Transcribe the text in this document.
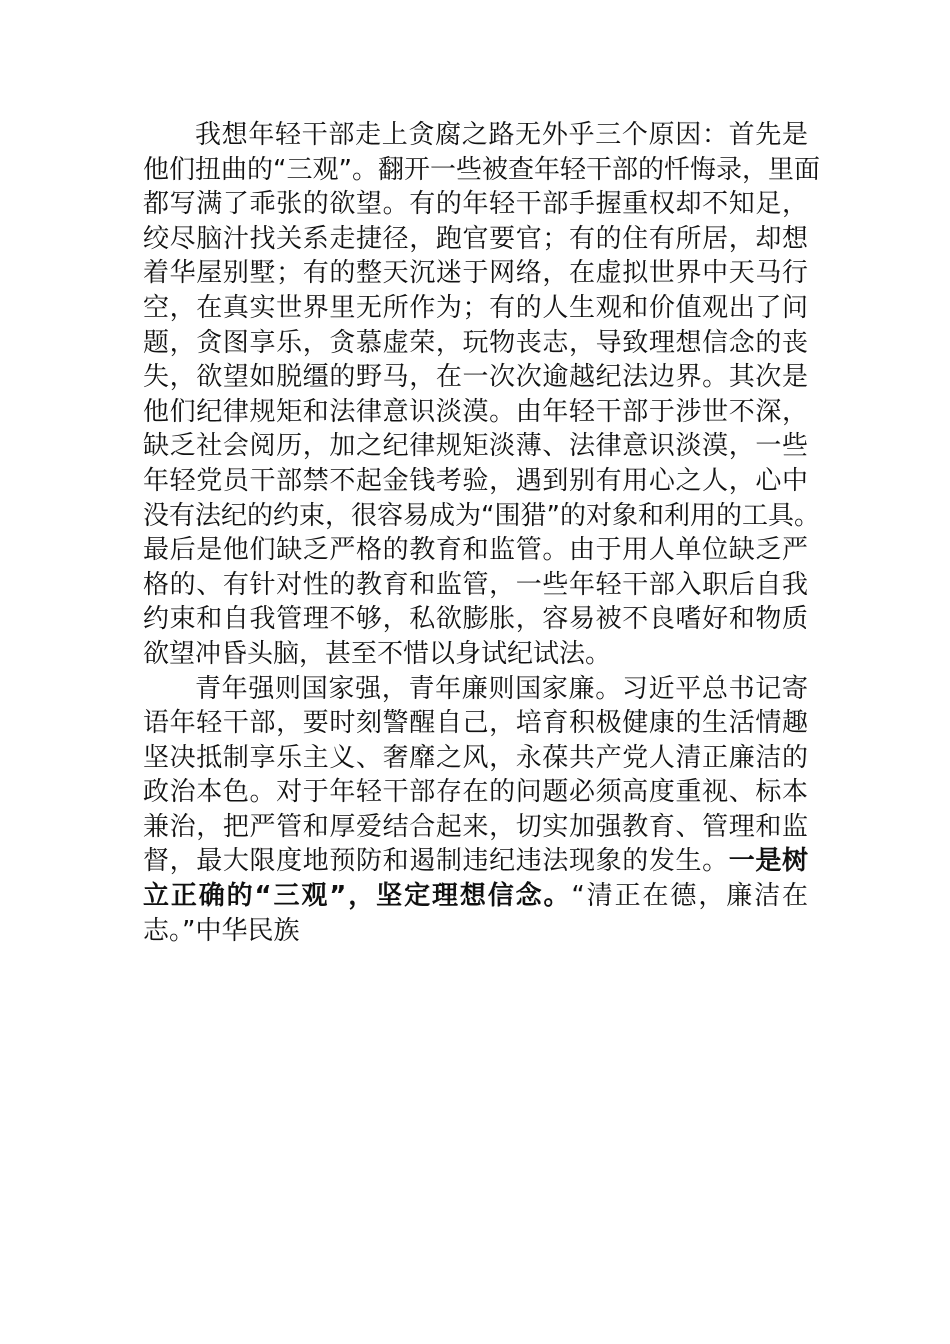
我想年轻干部走上贪腐之路无外乎三个原因：首先是
他们扭曲的“三观”。翻开一些被查年轻干部的忏悔录，里面
都写满了乖张的欲望。有的年轻干部手握重权却不知足，
绞尽脑汁找关系走捷径，跑官要官；有的住有所居，却想
着华屋别墅；有的整天沉迷于网络，在虚拟世界中天马行
空，在真实世界里无所作为；有的人生观和价值观出了问
题，贪图享乐，贪慕虚荣，玩物丧志，导致理想信念的丧
失，欲望如脱缰的野马，在一次次逾越纪法边界。其次是
他们纪律规矩和法律意识淡漠。由年轻干部于涉世不深，
缺乏社会阅历，加之纪律规矩淡薄、法律意识淡漠，一些
年轻党员干部禁不起金钱考验，遇到别有用心之人，心中
没有法纪的约束，很容易成为“围猎”的对象和利用的工具。
最后是他们缺乏严格的教育和监管。由于用人单位缺乏严
格的、有针对性的教育和监管，一些年轻干部入职后自我
约束和自我管理不够，私欲膨胀，容易被不良嗜好和物质
欲望冲昏头脑，甚至不惜以身试纪试法。
青年强则国家强，青年廉则国家廉。习近平总书记寄
语年轻干部，要时刻警醒自己，培育积极健康的生活情趣
坚决抵制享乐主义、奢靡之风，永葆共产党人清正廉洁的
政治本色。对于年轻干部存在的问题必须高度重视、标本
兼治，把严管和厚爱结合起来，切实加强教育、管理和监
督，最大限度地预防和遏制违纪违法现象的发生。一是树
立正确的“三观”，坚定理想信念。“清正在德，廉洁在
志。”中华民族
